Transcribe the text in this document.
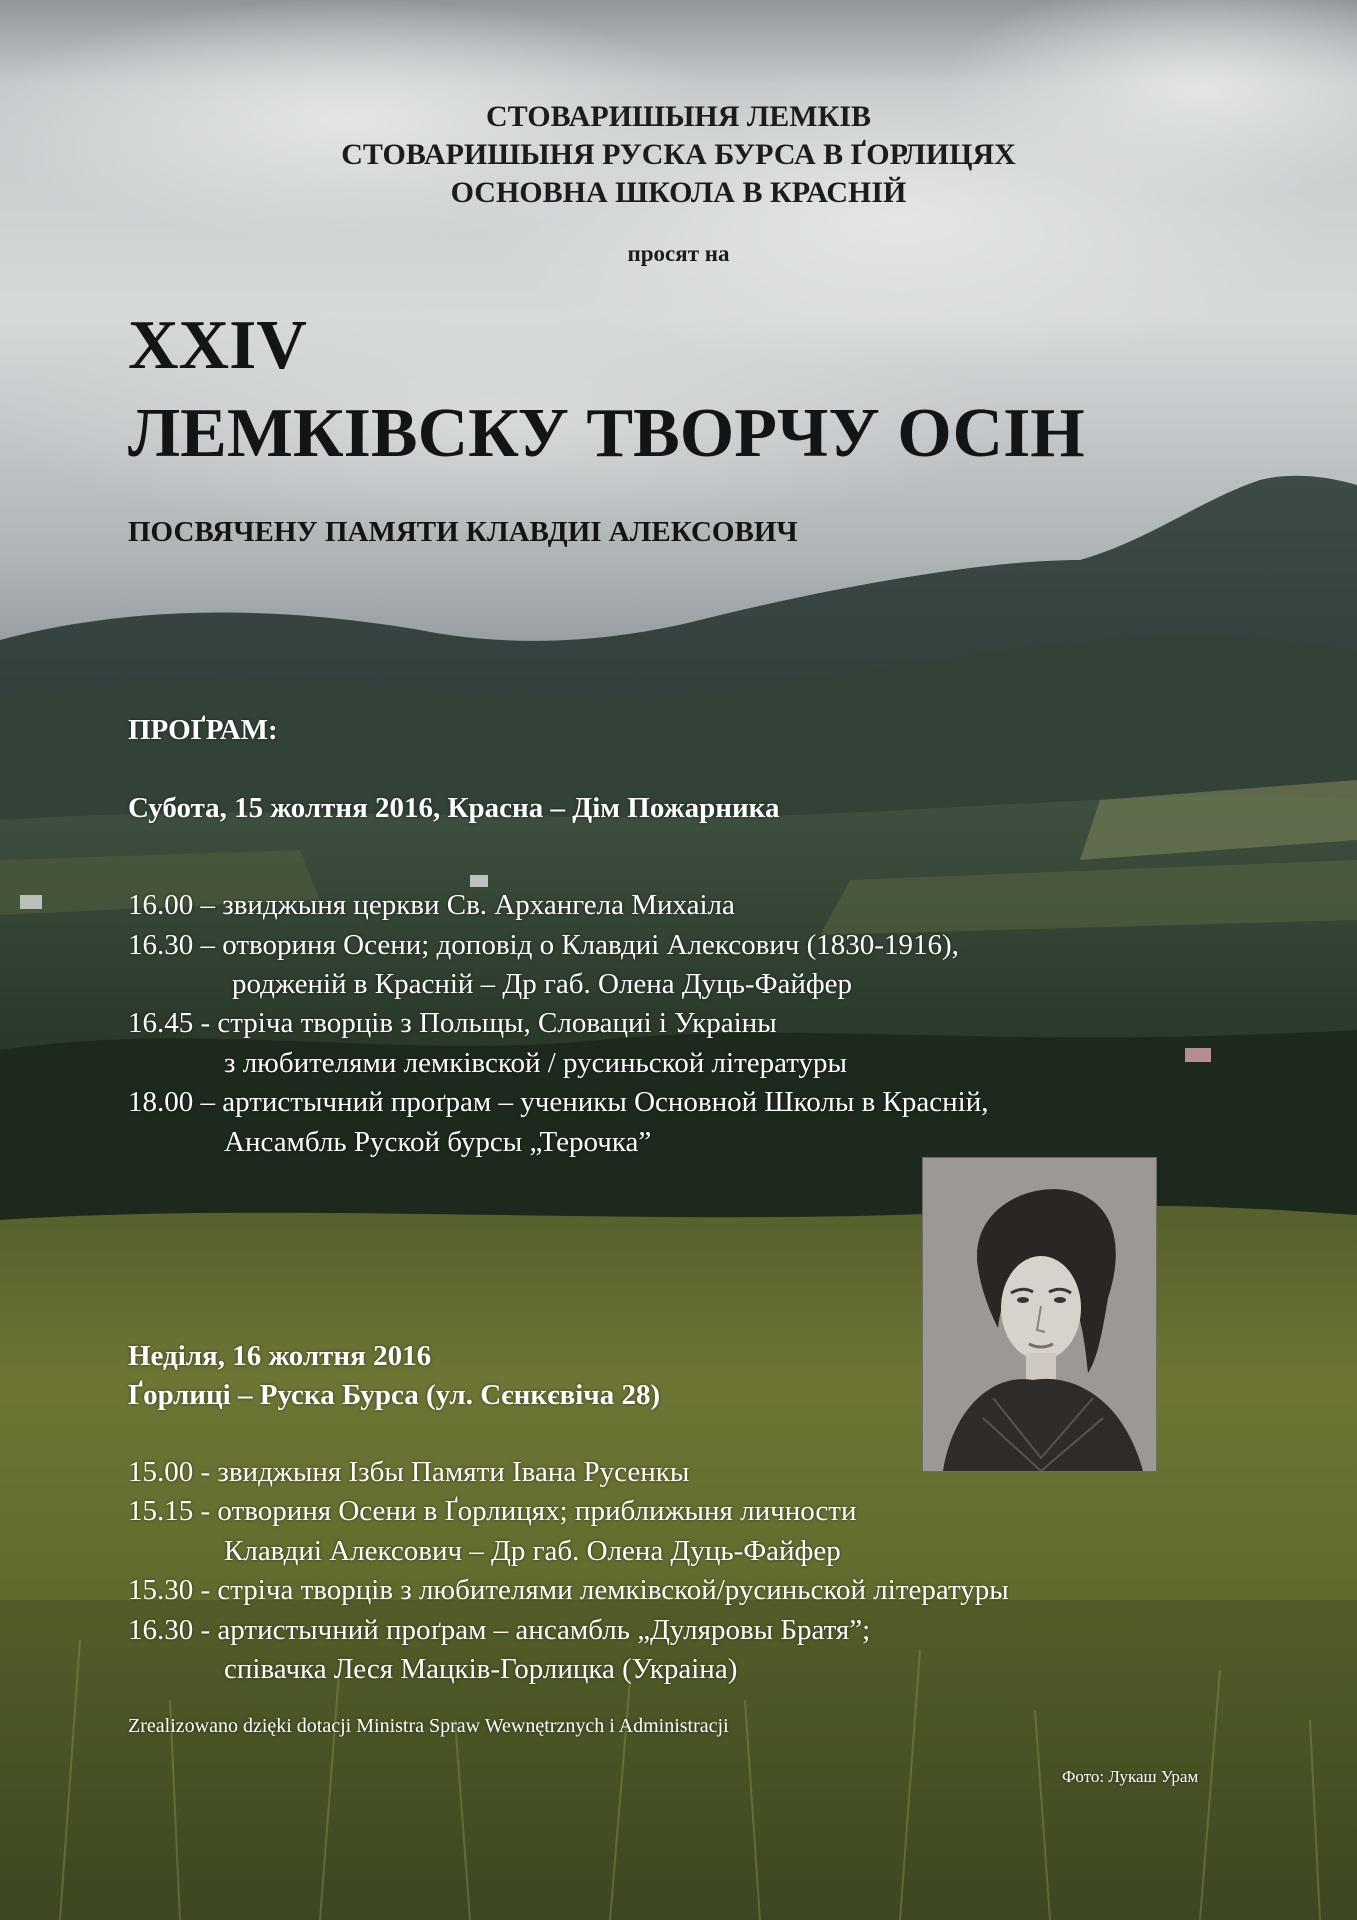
СТОВАРИШЫНЯ ЛЕМКІВ
СТОВАРИШЫНЯ РУСКА БУРСА В ҐОРЛИЦЯХ
ОСНОВНА ШКОЛА В КРАСНІЙ
просят на
XXIV
ЛЕМКІВСКУ ТВОРЧУ ОСІН
ПОСВЯЧЕНУ ПАМЯТИ КЛАВДИІ АЛЕКСОВИЧ
ПРОҐРАМ:
Субота, 15 жолтня 2016, Красна – Дім Пожарника
16.00 – звиджыня церкви Св. Архангела Михаіла
16.30 – отвориня Осени; доповід о Клавдиі Алексович (1830-1916),
родженій в Красній – Др габ. Олена Дуць-Файфер
16.45 - стріча творців з Польщы, Словациі і Украіны
з любителями лемківской / русиньской літературы
18.00 – артистычний проґрам – ученикы Основной Школы в Красній,
Ансамбль Руской бурсы „Терочка”
Неділя, 16 жолтня 2016
Ґорлиці – Руска Бурса (ул. Сєнкєвіча 28)
15.00 - звиджыня Ізбы Памяти Івана Русенкы
15.15 - отвориня Осени в Ґорлицях; приближыня личности
Клавдиі Алексович – Др габ. Олена Дуць-Файфер
15.30 - стріча творців з любителями лемківской/русиньской літературы
16.30 - артистычний проґрам – ансамбль „Дуляровы Братя”;
співачка Леся Мацків-Горлицка (Украіна)
Zrealizowano dzięki dotacji Ministra Spraw Wewnętrznych i Administracji
Фото: Лукаш Урам
